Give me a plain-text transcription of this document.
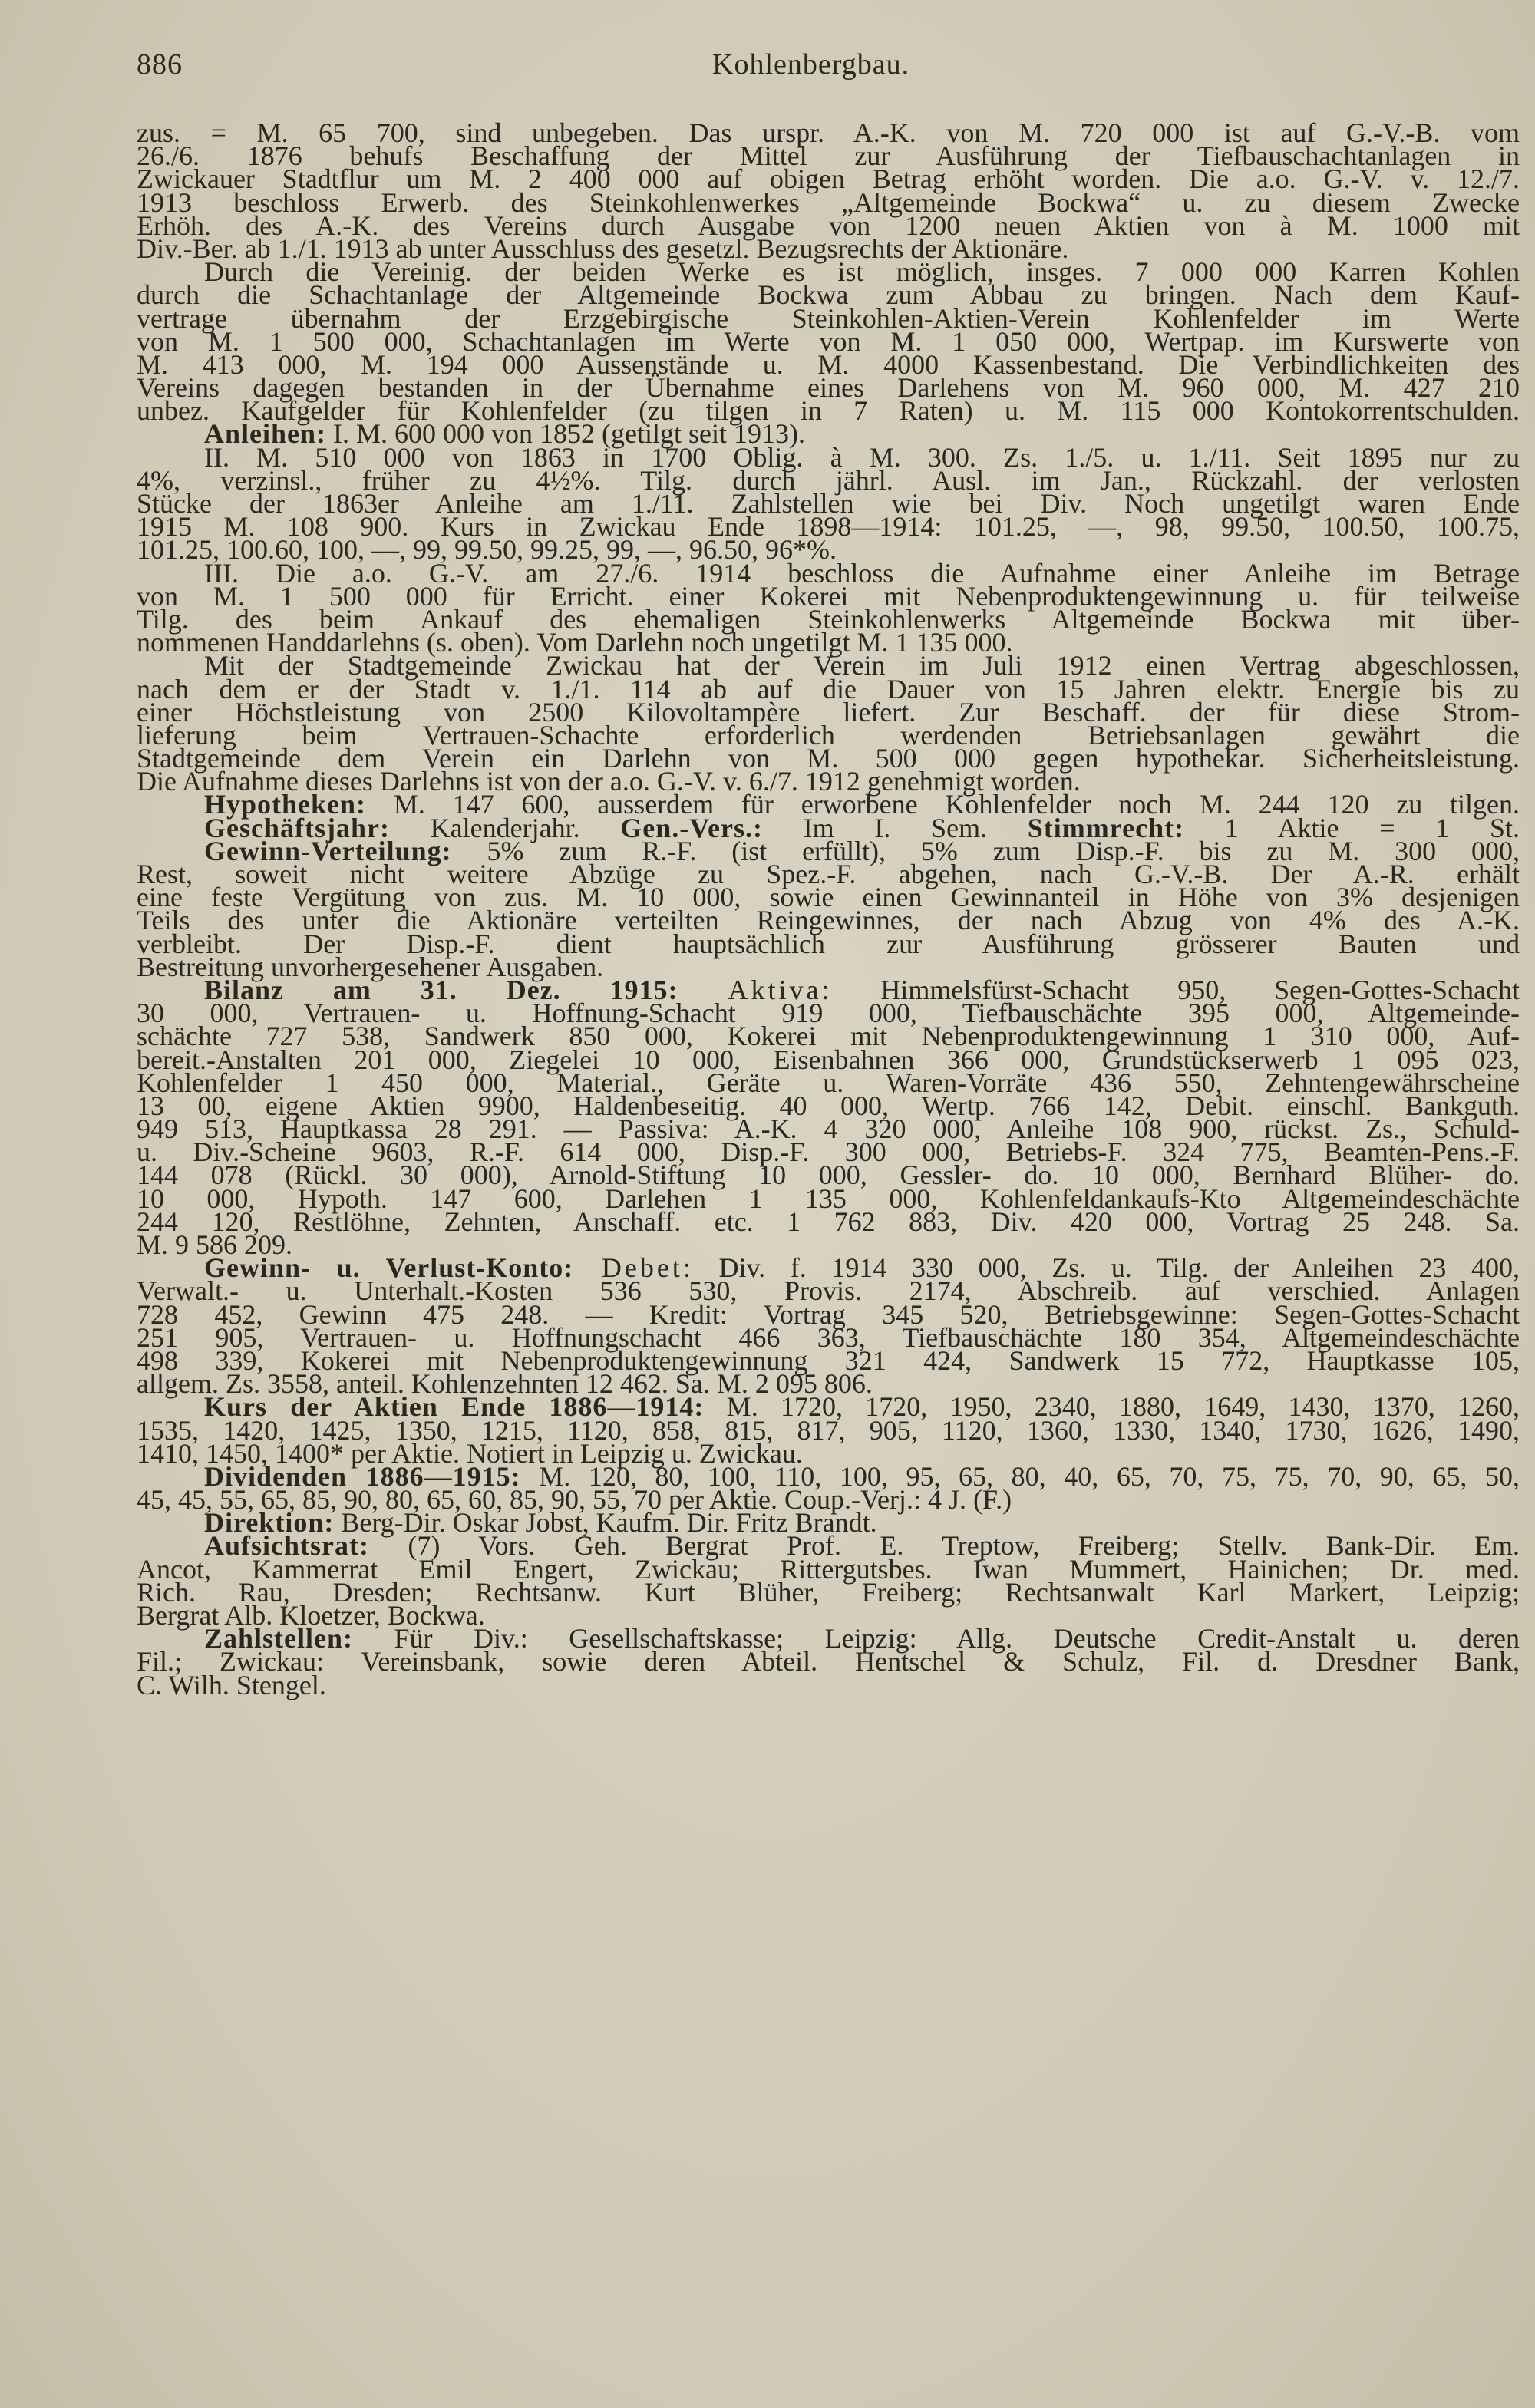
886	Kohlenbergbau.
zus. = M. 65 700, sind unbegeben. Das urspr. A.-K. von M. 720 000 ist auf G.-V.-B. vom
26./6. 1876 behufs Beschaffung der Mittel zur Ausführung der Tiefbauschachtanlagen in
Zwickauer Stadtflur um M. 2 400 000 auf obigen Betrag erhöht worden. Die a.o. G.-V. v. 12./7.
1913 beschloss Erwerb. des Steinkohlenwerkes „Altgemeinde Bockwa“ u. zu diesem Zwecke
Erhöh. des A.-K. des Vereins durch Ausgabe von 1200 neuen Aktien von à M. 1000 mit
Div.-Ber. ab 1./1. 1913 ab unter Ausschluss des gesetzl. Bezugsrechts der Aktionäre.
Durch die Vereinig. der beiden Werke es ist möglich, insges. 7 000 000 Karren Kohlen
durch die Schachtanlage der Altgemeinde Bockwa zum Abbau zu bringen. Nach dem Kauf-
vertrage übernahm der Erzgebirgische Steinkohlen-Aktien-Verein Kohlenfelder im Werte
von M. 1 500 000, Schachtanlagen im Werte von M. 1 050 000, Wertpap. im Kurswerte von
M. 413 000, M. 194 000 Aussenstände u. M. 4000 Kassenbestand. Die Verbindlichkeiten des
Vereins dagegen bestanden in der Übernahme eines Darlehens von M. 960 000, M. 427 210
unbez. Kaufgelder für Kohlenfelder (zu tilgen in 7 Raten) u. M. 115 000 Kontokorrentschulden.
Anleihen: I. M. 600 000 von 1852 (getilgt seit 1913).
II. M. 510 000 von 1863 in 1700 Oblig. à M. 300. Zs. 1./5. u. 1./11. Seit 1895 nur zu
4%, verzinsl., früher zu 4½%. Tilg. durch jährl. Ausl. im Jan., Rückzahl. der verlosten
Stücke der 1863er Anleihe am 1./11. Zahlstellen wie bei Div. Noch ungetilgt waren Ende
1915 M. 108 900. Kurs in Zwickau Ende 1898—1914: 101.25, —, 98, 99.50, 100.50, 100.75,
101.25, 100.60, 100, —, 99, 99.50, 99.25, 99, —, 96.50, 96*%.
III. Die a.o. G.-V. am 27./6. 1914 beschloss die Aufnahme einer Anleihe im Betrage
von M. 1 500 000 für Erricht. einer Kokerei mit Nebenproduktengewinnung u. für teilweise
Tilg. des beim Ankauf des ehemaligen Steinkohlenwerks Altgemeinde Bockwa mit über-
nommenen Handdarlehns (s. oben). Vom Darlehn noch ungetilgt M. 1 135 000.
Mit der Stadtgemeinde Zwickau hat der Verein im Juli 1912 einen Vertrag abgeschlossen,
nach dem er der Stadt v. 1./1. 114 ab auf die Dauer von 15 Jahren elektr. Energie bis zu
einer Höchstleistung von 2500 Kilovoltampère liefert. Zur Beschaff. der für diese Strom-
lieferung beim Vertrauen-Schachte erforderlich werdenden Betriebsanlagen gewährt die
Stadtgemeinde dem Verein ein Darlehn von M. 500 000 gegen hypothekar. Sicherheitsleistung.
Die Aufnahme dieses Darlehns ist von der a.o. G.-V. v. 6./7. 1912 genehmigt worden.
Hypotheken: M. 147 600, ausserdem für erworbene Kohlenfelder noch M. 244 120 zu tilgen.
Geschäftsjahr: Kalenderjahr. Gen.-Vers.: Im I. Sem. Stimmrecht: 1 Aktie = 1 St.
Gewinn-Verteilung: 5% zum R.-F. (ist erfüllt), 5% zum Disp.-F. bis zu M. 300 000,
Rest, soweit nicht weitere Abzüge zu Spez.-F. abgehen, nach G.-V.-B. Der A.-R. erhält
eine feste Vergütung von zus. M. 10 000, sowie einen Gewinnanteil in Höhe von 3% desjenigen
Teils des unter die Aktionäre verteilten Reingewinnes, der nach Abzug von 4% des A.-K.
verbleibt. Der Disp.-F. dient hauptsächlich zur Ausführung grösserer Bauten und
Bestreitung unvorhergesehener Ausgaben.
Bilanz am 31. Dez. 1915: Aktiva: Himmelsfürst-Schacht 950, Segen-Gottes-Schacht
30 000, Vertrauen- u. Hoffnung-Schacht 919 000, Tiefbauschächte 395 000, Altgemeinde-
schächte 727 538, Sandwerk 850 000, Kokerei mit Nebenproduktengewinnung 1 310 000, Auf-
bereit.-Anstalten 201 000, Ziegelei 10 000, Eisenbahnen 366 000, Grundstückserwerb 1 095 023,
Kohlenfelder 1 450 000, Material., Geräte u. Waren-Vorräte 436 550, Zehntengewährscheine
13 00, eigene Aktien 9900, Haldenbeseitig. 40 000, Wertp. 766 142, Debit. einschl. Bankguth.
949 513, Hauptkassa 28 291. — Passiva: A.-K. 4 320 000, Anleihe 108 900, rückst. Zs., Schuld-
u. Div.-Scheine 9603, R.-F. 614 000, Disp.-F. 300 000, Betriebs-F. 324 775, Beamten-Pens.-F.
144 078 (Rückl. 30 000), Arnold-Stiftung 10 000, Gessler- do. 10 000, Bernhard Blüher- do.
10 000, Hypoth. 147 600, Darlehen 1 135 000, Kohlenfeldankaufs-Kto Altgemeindeschächte
244 120, Restlöhne, Zehnten, Anschaff. etc. 1 762 883, Div. 420 000, Vortrag 25 248. Sa.
M. 9 586 209.
Gewinn- u. Verlust-Konto: Debet: Div. f. 1914 330 000, Zs. u. Tilg. der Anleihen 23 400,
Verwalt.- u. Unterhalt.-Kosten 536 530, Provis. 2174, Abschreib. auf verschied. Anlagen
728 452, Gewinn 475 248. — Kredit: Vortrag 345 520, Betriebsgewinne: Segen-Gottes-Schacht
251 905, Vertrauen- u. Hoffnungschacht 466 363, Tiefbauschächte 180 354, Altgemeindeschächte
498 339, Kokerei mit Nebenproduktengewinnung 321 424, Sandwerk 15 772, Hauptkasse 105,
allgem. Zs. 3558, anteil. Kohlenzehnten 12 462. Sa. M. 2 095 806.
Kurs der Aktien Ende 1886—1914: M. 1720, 1720, 1950, 2340, 1880, 1649, 1430, 1370, 1260,
1535, 1420, 1425, 1350, 1215, 1120, 858, 815, 817, 905, 1120, 1360, 1330, 1340, 1730, 1626, 1490,
1410, 1450, 1400* per Aktie. Notiert in Leipzig u. Zwickau.
Dividenden 1886—1915: M. 120, 80, 100, 110, 100, 95, 65, 80, 40, 65, 70, 75, 75, 70, 90, 65, 50,
45, 45, 55, 65, 85, 90, 80, 65, 60, 85, 90, 55, 70 per Aktie. Coup.-Verj.: 4 J. (F.)
Direktion: Berg-Dir. Oskar Jobst, Kaufm. Dir. Fritz Brandt.
Aufsichtsrat: (7) Vors. Geh. Bergrat Prof. E. Treptow, Freiberg; Stellv. Bank-Dir. Em.
Ancot, Kammerrat Emil Engert, Zwickau; Rittergutsbes. Iwan Mummert, Hainichen; Dr. med.
Rich. Rau, Dresden; Rechtsanw. Kurt Blüher, Freiberg; Rechtsanwalt Karl Markert, Leipzig;
Bergrat Alb. Kloetzer, Bockwa.
Zahlstellen: Für Div.: Gesellschaftskasse; Leipzig: Allg. Deutsche Credit-Anstalt u. deren
Fil.; Zwickau: Vereinsbank, sowie deren Abteil. Hentschel & Schulz, Fil. d. Dresdner Bank,
C. Wilh. Stengel.
